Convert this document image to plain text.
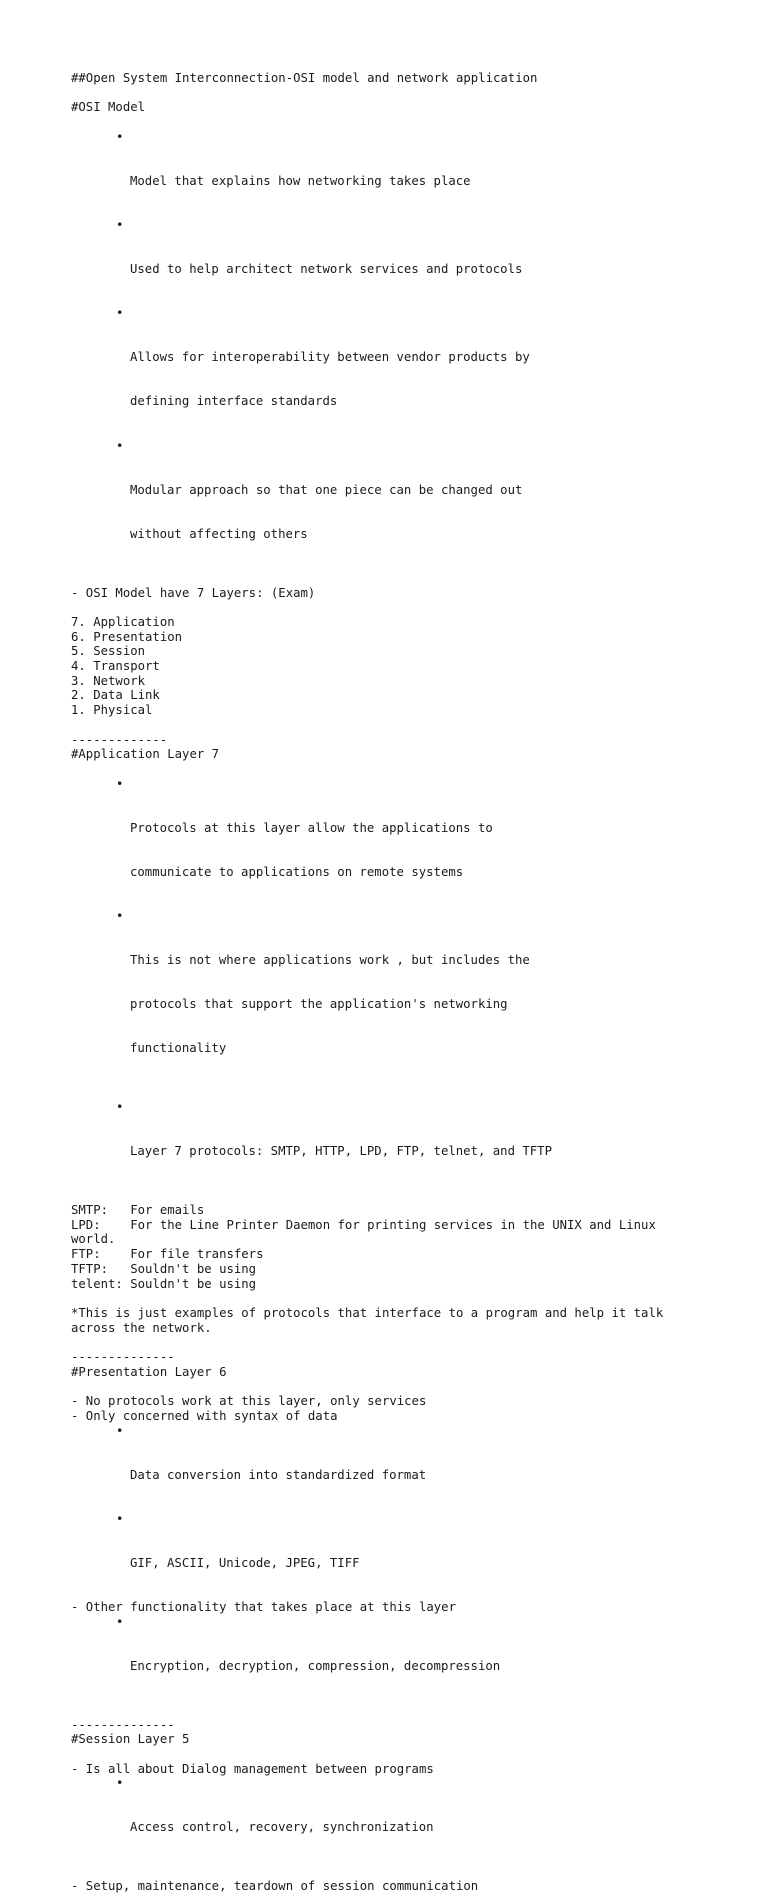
##Open System Interconnection-OSI model and network application
#OSI Model

•

Model that explains how networking takes place

•

Used to help architect network services and protocols

•

Allows for interoperability between vendor products by

defining interface standards

•

Modular approach so that one piece can be changed out

without affecting others

- OSI Model have 7 Layers: (Exam)
7. Application
6. Presentation
5. Session
4. Transport
3. Network
2. Data Link
1. Physical
-------------
#Application Layer 7

•

Protocols at this layer allow the applications to

communicate to applications on remote systems

•

This is not where applications work , but includes the

protocols that support the application's networking

functionality

•

Layer 7 protocols: SMTP, HTTP, LPD, FTP, telnet, and TFTP

SMTP:   For emails
LPD:    For the Line Printer Daemon for printing services in the UNIX and Linux
world.
FTP:    For file transfers
TFTP:   Souldn't be using
telent: Souldn't be using
*This is just examples of protocols that interface to a program and help it talk
across the network.
--------------
#Presentation Layer 6
- No protocols work at this layer, only services
- Only concerned with syntax of data

•

Data conversion into standardized format

•

GIF, ASCII, Unicode, JPEG, TIFF

- Other functionality that takes place at this layer

•

Encryption, decryption, compression, decompression

--------------
#Session Layer 5
- Is all about Dialog management between programs

•

Access control, recovery, synchronization

- Setup, maintenance, teardown of session communication
